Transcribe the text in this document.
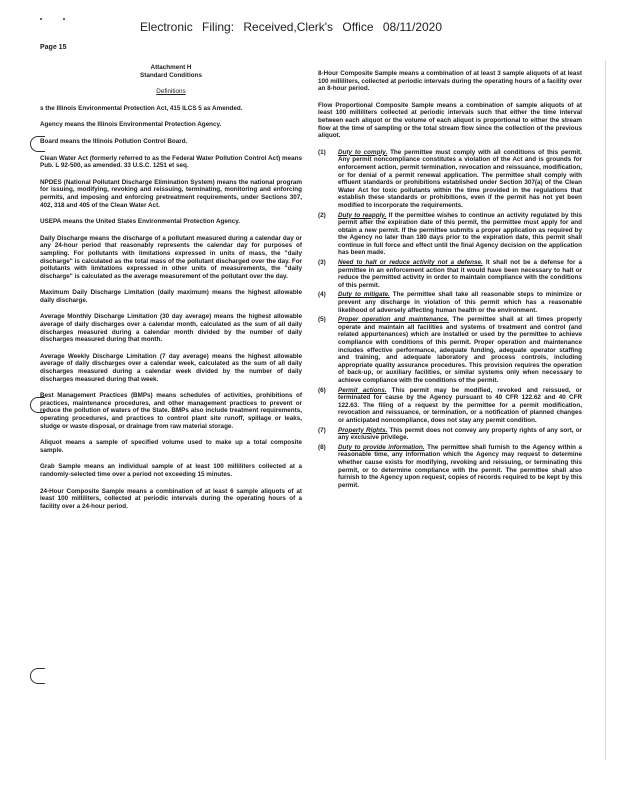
Electronic Filing: Received,Clerk's Office 08/11/2020
Page 15
Attachment H
Standard Conditions
Definitions

s the Illinois Environmental Protection Act, 415 ILCS 5 as Amended.

Agency means the Illinois Environmental Protection Agency.

Board means the Illinois Pollution Control Board.

Clean Water Act (formerly referred to as the Federal Water Pollution Control Act) means Pub. L 92-500, as amended. 33 U.S.C. 1251 et seq.

NPDES (National Pollutant Discharge Elimination System) means the national program for issuing, modifying, revoking and reissuing, terminating, monitoring and enforcing permits, and imposing and enforcing pretreatment requirements, under Sections 307, 402, 318 and 405 of the Clean Water Act.

USEPA means the United States Environmental Protection Agency.

Daily Discharge means the discharge of a pollutant measured during a calendar day or any 24-hour period that reasonably represents the calendar day for purposes of sampling. For pollutants with limitations expressed in units of mass, the "daily discharge" is calculated as the total mass of the pollutant discharged over the day. For pollutants with limitations expressed in other units of measurements, the "daily discharge" is calculated as the average measurement of the pollutant over the day.

Maximum Daily Discharge Limitation (daily maximum) means the highest allowable daily discharge.

Average Monthly Discharge Limitation (30 day average) means the highest allowable average of daily discharges over a calendar month, calculated as the sum of all daily discharges measured during a calendar month divided by the number of daily discharges measured during that month.

Average Weekly Discharge Limitation (7 day average) means the highest allowable average of daily discharges over a calendar week, calculated as the sum of all daily discharges measured during a calendar week divided by the number of daily discharges measured during that week.

Best Management Practices (BMPs) means schedules of activities, prohibitions of practices, maintenance procedures, and other management practices to prevent or reduce the pollution of waters of the State. BMPs also include treatment requirements, operating procedures, and practices to control plant site runoff, spillage or leaks, sludge or waste disposal, or drainage from raw material storage.

Aliquot means a sample of specified volume used to make up a total composite sample.

Grab Sample means an individual sample of at least 100 milliliters collected at a randomly-selected time over a period not exceeding 15 minutes.

24-Hour Composite Sample means a combination of at least 6 sample aliquots of at least 100 milliliters, collected at periodic intervals during the operating hours of a facility over a 24-hour period.

8-Hour Composite Sample means a combination of at least 3 sample aliquots of at least 100 milliliters, collected at periodic intervals during the operating hours of a facility over an 8-hour period.

Flow Proportional Composite Sample means a combination of sample aliquots of at least 100 milliliters collected at periodic intervals such that either the time interval between each aliquot or the volume of each aliquot is proportional to either the stream flow at the time of sampling or the total stream flow since the collection of the previous aliquot.

(1) Duty to comply. The permittee must comply with all conditions of this permit. Any permit noncompliance constitutes a violation of the Act and is grounds for enforcement action, permit termination, revocation and reissuance, modification, or for denial of a permit renewal application. The permittee shall comply with effluent standards or prohibitions established under Section 307(a) of the Clean Water Act for toxic pollutants within the time provided in the regulations that establish these standards or prohibitions, even if the permit has not yet been modified to incorporate the requirements.
(2) Duty to reapply. If the permittee wishes to continue an activity regulated by this permit after the expiration date of this permit, the permittee must apply for and obtain a new permit. If the permittee submits a proper application as required by the Agency no later than 180 days prior to the expiration date, this permit shall continue in full force and effect until the final Agency decision on the application has been made.
(3) Need to halt or reduce activity not a defense. It shall not be a defense for a permittee in an enforcement action that it would have been necessary to halt or reduce the permitted activity in order to maintain compliance with the conditions of this permit.
(4) Duty to mitigate. The permittee shall take all reasonable steps to minimize or prevent any discharge in violation of this permit which has a reasonable likelihood of adversely affecting human health or the environment.
(5) Proper operation and maintenance. The permittee shall at all times properly operate and maintain all facilities and systems of treatment and control (and related appurtenances) which are installed or used by the permittee to achieve compliance with conditions of this permit. Proper operation and maintenance includes effective performance, adequate funding, adequate operator staffing and training, and adequate laboratory and process controls, including appropriate quality assurance procedures. This provision requires the operation of back-up, or auxiliary facilities, or similar systems only when necessary to achieve compliance with the conditions of the permit.
(6) Permit actions. This permit may be modified, revoked and reissued, or terminated for cause by the Agency pursuant to 40 CFR 122.62 and 40 CFR 122.63. The filing of a request by the permittee for a permit modification, revocation and reissuance, or termination, or a notification of planned changes or anticipated noncompliance, does not stay any permit condition.
(7) Property Rights. This permit does not convey any property rights of any sort, or any exclusive privilege.
(8) Duty to provide information. The permittee shall furnish to the Agency within a reasonable time, any information which the Agency may request to determine whether cause exists for modifying, revoking and reissuing, or terminating this permit, or to determine compliance with the permit. The permittee shall also furnish to the Agency upon request, copies of records required to be kept by this permit.
